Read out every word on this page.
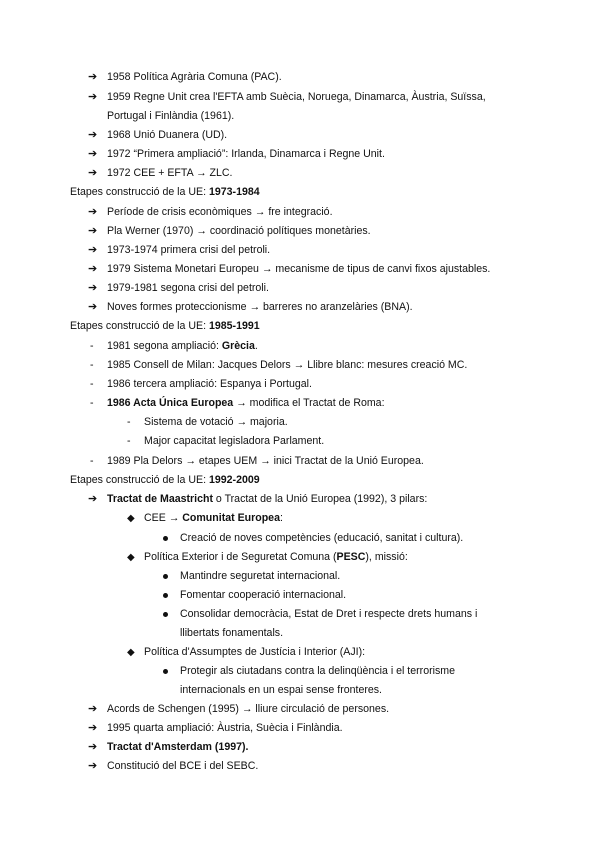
➔ 1958 Política Agrària Comuna (PAC).
➔ 1959 Regne Unit crea l'EFTA amb Suècia, Noruega, Dinamarca, Àustria, Suïssa,
Portugal i Finlàndia (1961).
➔ 1968 Unió Duanera (UD).
➔ 1972 “Primera ampliació”: Irlanda, Dinamarca i Regne Unit.
➔ 1972 CEE + EFTA → ZLC.
Etapes construcció de la UE: 1973-1984
➔ Període de crisis econòmiques → fre integració.
➔ Pla Werner (1970) → coordinació polítiques monetàries.
➔ 1973-1974 primera crisi del petroli.
➔ 1979 Sistema Monetari Europeu → mecanisme de tipus de canvi fixos ajustables.
➔ 1979-1981 segona crisi del petroli.
➔ Noves formes proteccionisme → barreres no aranzelàries (BNA).
Etapes construcció de la UE: 1985-1991
- 1981 segona ampliació: Grècia.
- 1985 Consell de Milan: Jacques Delors → Llibre blanc: mesures creació MC.
- 1986 tercera ampliació: Espanya i Portugal.
- 1986 Acta Única Europea → modifica el Tractat de Roma:
- Sistema de votació → majoria.
- Major capacitat legisladora Parlament.
- 1989 Pla Delors → etapes UEM → inici Tractat de la Unió Europea.
Etapes construcció de la UE: 1992-2009
➔ Tractat de Maastricht o Tractat de la Unió Europea (1992), 3 pilars:
◆ CEE → Comunitat Europea:
Creació de noves competències (educació, sanitat i cultura).
◆ Política Exterior i de Seguretat Comuna (PESC), missió:
Mantindre seguretat internacional.
Fomentar cooperació internacional.
Consolidar democràcia, Estat de Dret i respecte drets humans i
llibertats fonamentals.
◆ Política d'Assumptes de Justícia i Interior (AJI):
Protegir als ciutadans contra la delinqüència i el terrorisme
internacionals en un espai sense fronteres.
➔ Acords de Schengen (1995) → lliure circulació de persones.
➔ 1995 quarta ampliació: Àustria, Suècia i Finlàndia.
➔ Tractat d'Amsterdam (1997).
➔ Constitució del BCE i del SEBC.
